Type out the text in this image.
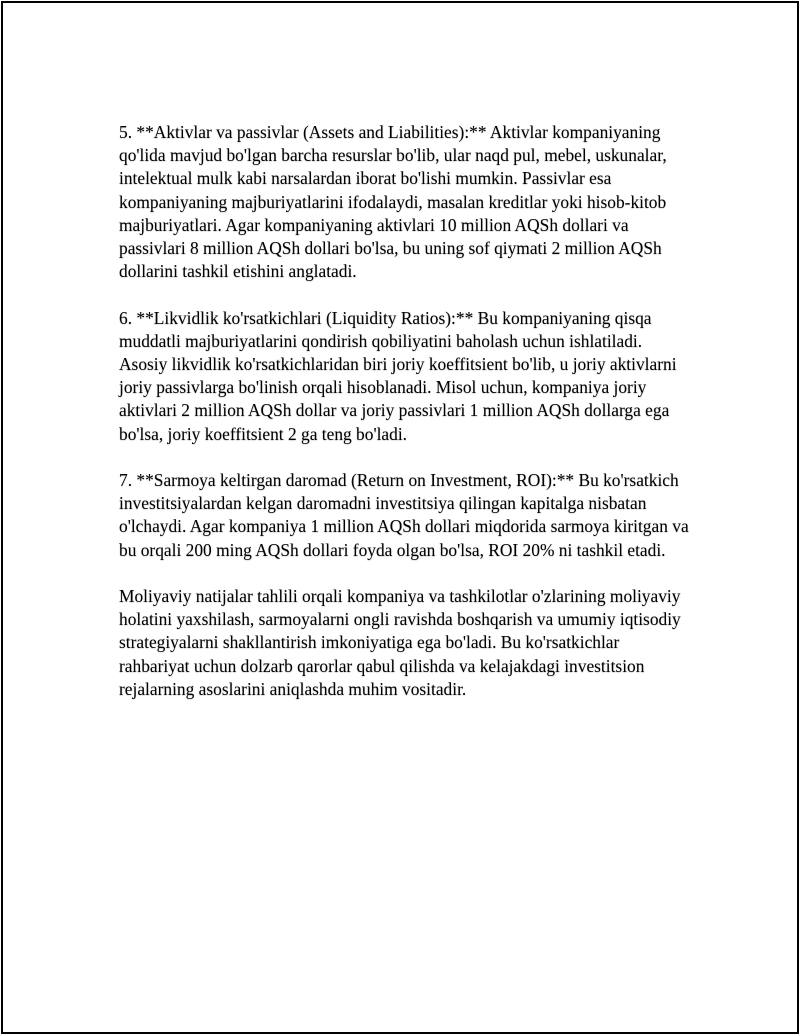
5. **Aktivlar va passivlar (Assets and Liabilities):** Aktivlar kompaniyaning qo'lida mavjud bo'lgan barcha resurslar bo'lib, ular naqd pul, mebel, uskunalar, intelektual mulk kabi narsalardan iborat bo'lishi mumkin. Passivlar esa kompaniyaning majburiyatlarini ifodalaydi, masalan kreditlar yoki hisob-kitob majburiyatlari. Agar kompaniyaning aktivlari 10 million AQSh dollari va passivlari 8 million AQSh dollari bo'lsa, bu uning sof qiymati 2 million AQSh dollarini tashkil etishini anglatadi.

6. **Likvidlik ko'rsatkichlari (Liquidity Ratios):** Bu kompaniyaning qisqa muddatli majburiyatlarini qondirish qobiliyatini baholash uchun ishlatiladi. Asosiy likvidlik ko'rsatkichlaridan biri joriy koeffitsient bo'lib, u joriy aktivlarni joriy passivlarga bo'linish orqali hisoblanadi. Misol uchun, kompaniya joriy aktivlari 2 million AQSh dollar va joriy passivlari 1 million AQSh dollarga ega bo'lsa, joriy koeffitsient 2 ga teng bo'ladi.

7. **Sarmoya keltirgan daromad (Return on Investment, ROI):** Bu ko'rsatkich investitsiyalardan kelgan daromadni investitsiya qilingan kapitalga nisbatan o'lchaydi. Agar kompaniya 1 million AQSh dollari miqdorida sarmoya kiritgan va bu orqali 200 ming AQSh dollari foyda olgan bo'lsa, ROI 20% ni tashkil etadi.

Moliyaviy natijalar tahlili orqali kompaniya va tashkilotlar o'zlarining moliyaviy holatini yaxshilash, sarmoyalarni ongli ravishda boshqarish va umumiy iqtisodiy strategiyalarni shakllantirish imkoniyatiga ega bo'ladi. Bu ko'rsatkichlar rahbariyat uchun dolzarb qarorlar qabul qilishda va kelajakdagi investitsion rejalarning asoslarini aniqlashda muhim vositadir.
